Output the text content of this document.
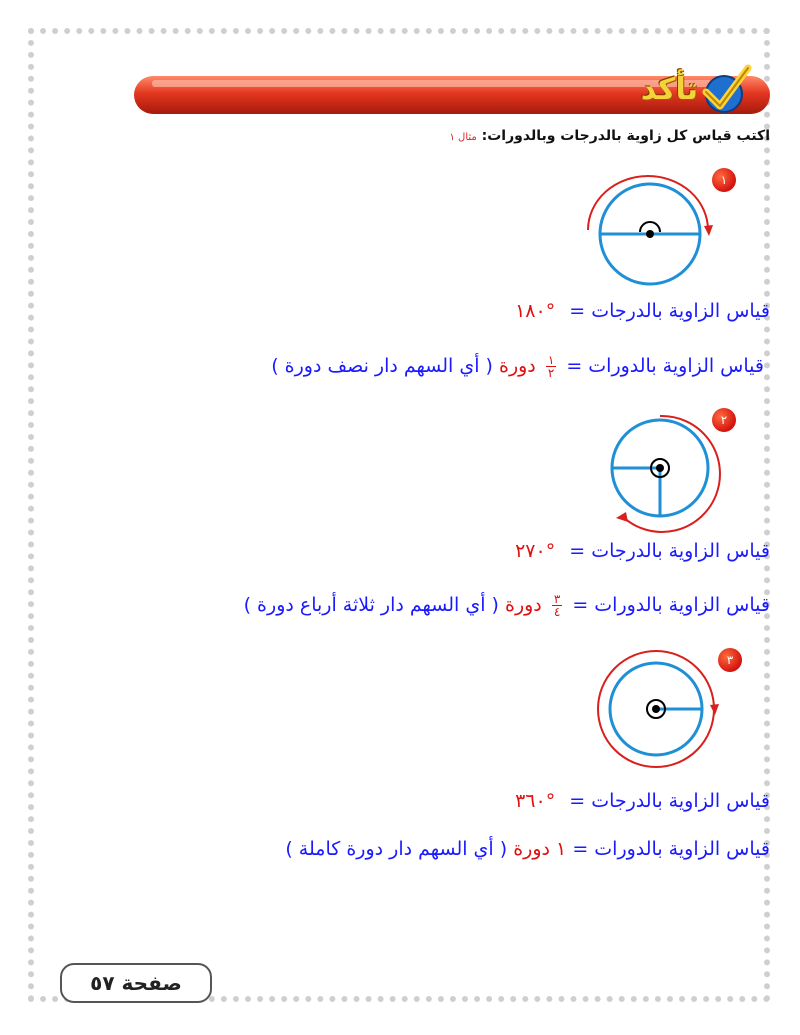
تأكد
اكتب قياس كل زاوية بالدرجات وبالدورات: مثال ١
١
قياس الزاوية بالدرجات = °١٨٠
قياس الزاوية بالدورات =
$\frac{١}{٢}$
دورة ( أي السهم دار نصف دورة )
٢
قياس الزاوية بالدرجات = °٢٧٠
قياس الزاوية بالدورات =
$\frac{٣}{٤}$
دورة ( أي السهم دار ثلاثة أرباع دورة )
٣
قياس الزاوية بالدرجات = °٣٦٠
قياس الزاوية بالدورات = ١ دورة ( أي السهم دار دورة كاملة )
صفحة ٥٧
